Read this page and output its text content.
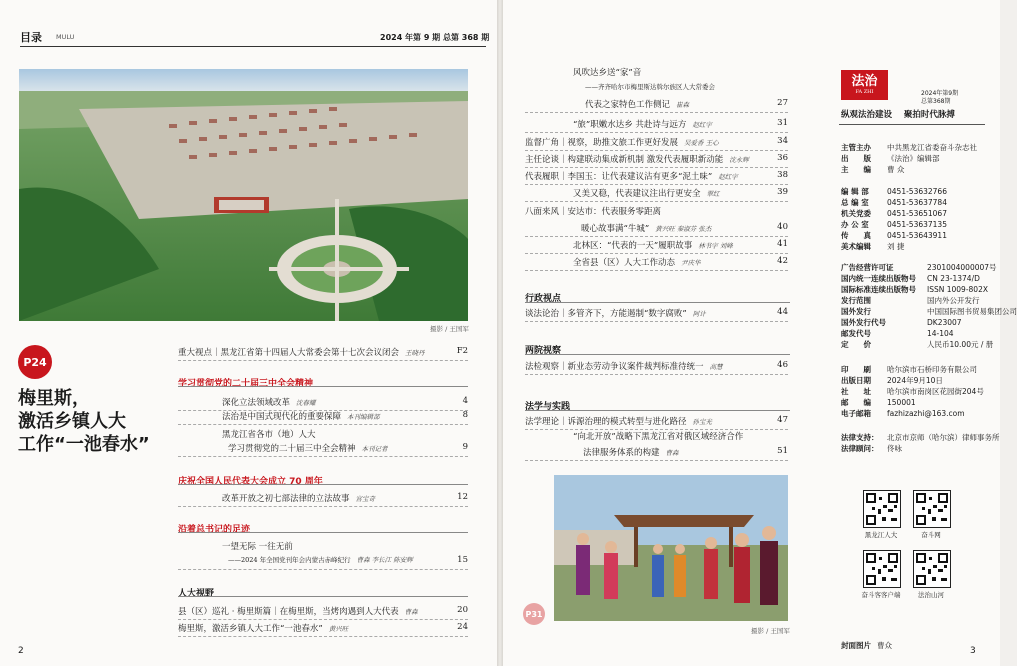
目录 MULU	2024 年第 9 期 总第 368 期
摄影 / 王国军
P24
梅里斯，
激活乡镇人大
工作“一池春水”
重大视点｜黑龙江省第十四届人大常委会第十七次会议闭会 王晓丹	F2
学习贯彻党的二十届三中全会精神
深化立法领域改革 沈春耀	4
法治是中国式现代化的重要保障 本刊编辑部	8
黑龙江省各市（地）人大
学习贯彻党的二十届三中全会精神 本刊记者	9
庆祝全国人民代表大会成立 70 周年
改革开放之初七部法律的立法故事 宫宝奇	12
沿着总书记的足迹
一望无际 一往无前
——2024 年全国党刊年会内蒙古赤峰纪行 曹森 李长江 陈安辉	15
人大视野
县（区）巡礼 · 梅里斯篇｜在梅里斯，当烤肉遇到人大代表 曹森	20
梅里斯，激活乡镇人大工作“一池春水” 黄兴旺	24
2
风吹达乡送“家”音
——齐齐哈尔市梅里斯达斡尔族区人大常委会
代表之家特色工作侧记 崔森	27
“旅”职嫩水达乡 共赴诗与远方 赵红宇	31
监督广角｜视察，助推文旅工作更好发展 吴爱香 王心	34
主任论谈｜构建联动集成新机制 激发代表履职新动能 沈永辉	36
代表履职｜李国玉：让代表建议沾有更多“泥土味” 赵红宇	38
又美又稳，代表建议注出行更安全 翠红	39
八面来风｜安达市：代表服务零距离
暖心故事满“牛城” 黄兴旺 秦淑芬 张杰	40
北林区：“代表的一天”履职故事 林书宇 刘峰	41
全省县（区）人大工作动态 尹庆华	42
行政视点
谈法论治｜多管齐下，方能遏制“数字腐败” 阿计	44
两院视察
法检观察｜新业态劳动争议案件裁判标准待统一 高慧	46
法学与实践
法学理论｜诉源治理的模式转型与进化路径 孙宝光	47
“向北开放”战略下黑龙江省对俄区域经济合作
法律服务体系的构建 曹森	51
P31
摄影 / 王国军
法治
FA ZHI	2024年第9期
总第368期
纵观法治建设    聚拍时代脉搏
主管主办 中共黑龙江省委奋斗杂志社
出　　版 《法治》编辑部
主　　编 曹 众
编 辑 部 0451-53632766
总 编 室 0451-53637784
机关党委 0451-53651067
办 公 室 0451-53637135
传　　真 0451-53643911
美术编辑 刘 捷
广告经营许可证	2301004000007号
国内统一连续出版物号 CN 23-1374/D
国际标准连续出版物号 ISSN 1009-802X
发行范围	国内外公开发行
国外发行	中国国际图书贸易集团公司
国外发行代号	DK23007
邮发代号	14-104
定　　价	人民币10.00元 / 册
印　　刷 哈尔滨市石桥印务有限公司
出版日期 2024年9月10日
社　　址 哈尔滨市南岗区花园街204号
邮　　编 150001
电子邮箱 fazhizazhi@163.com
法律支持： 北京市京师（哈尔滨）律师事务所
法律顾问： 佟咏
黑龙江人大	奋斗网
奋斗客客户端	法治山河
封面图片 曹众
3
